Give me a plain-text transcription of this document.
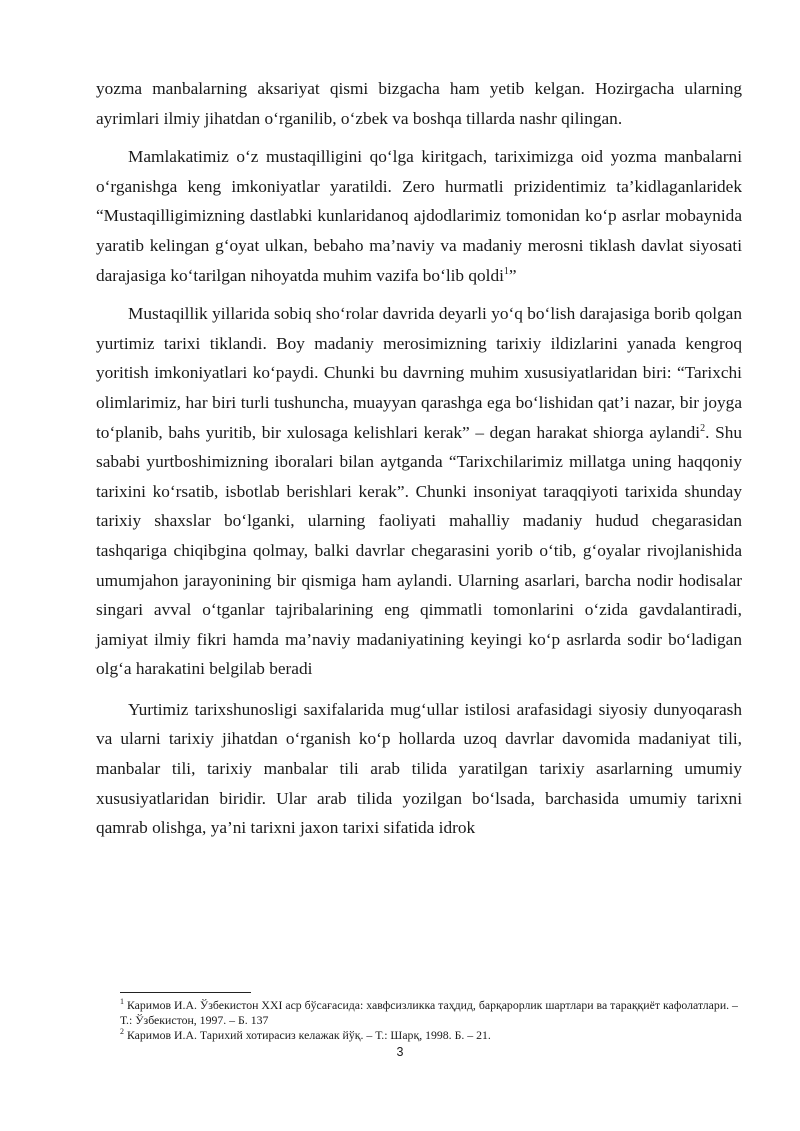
yozma manbalarning aksariyat qismi bizgacha ham yetib kelgan. Hozirgacha ularning ayrimlari ilmiy jihatdan o‘rganilib, o‘zbek va boshqa tillarda nashr qilingan.

Mamlakatimiz o‘z mustaqilligini qo‘lga kiritgach, tariximizga oid yozma manbalarni o‘rganishga keng imkoniyatlar yaratildi. Zero hurmatli prizidentimiz ta’kidlaganlaridek “Mustaqilligimizning dastlabki kunlaridanoq ajdodlarimiz tomonidan ko‘p asrlar mobaynida yaratib kelingan g‘oyat ulkan, bebaho ma’naviy va madaniy merosni tiklash davlat siyosati darajasiga ko‘tarilgan nihoyatda muhim vazifa bo‘lib qoldi$^1$”

Mustaqillik yillarida sobiq sho‘rolar davrida deyarli yo‘q bo‘lish darajasiga borib qolgan yurtimiz tarixi tiklandi. Boy madaniy merosimizning tarixiy ildizlarini yanada kengroq yoritish imkoniyatlari ko‘paydi. Chunki bu davrning muhim xususiyatlaridan biri: “Tarixchi olimlarimiz, har biri turli tushuncha, muayyan qarashga ega bo‘lishidan qat’i nazar, bir joyga to‘planib, bahs yuritib, bir xulosaga kelishlari kerak” – degan harakat shiorga aylandi$^2$. Shu sababi yurtboshimizning iboralari bilan aytganda “Tarixchilarimiz millatga uning haqqoniy tarixini ko‘rsatib, isbotlab berishlari kerak”. Chunki insoniyat taraqqiyoti tarixida shunday tarixiy shaxslar bo‘lganki, ularning faoliyati mahalliy madaniy hudud chegarasidan tashqariga chiqibgina qolmay, balki davrlar chegarasini yorib o‘tib, g‘oyalar rivojlanishida umumjahon jarayonining bir qismiga ham aylandi. Ularning asarlari, barcha nodir hodisalar singari avval o‘tganlar tajribalarining eng qimmatli tomonlarini o‘zida gavdalantiradi, jamiyat ilmiy fikri hamda ma’naviy madaniyatining keyingi ko‘p asrlarda sodir bo‘ladigan olg‘a harakatini belgilab beradi

Yurtimiz tarixshunosligi saxifalarida mug‘ullar istilosi arafasidagi siyosiy dunyoqarash va ularni tarixiy jihatdan o‘rganish ko‘p hollarda uzoq davrlar davomida madaniyat tili, manbalar tili, tarixiy manbalar tili arab tilida yaratilgan tarixiy asarlarning umumiy xususiyatlaridan biridir. Ular arab tilida yozilgan bo‘lsada, barchasida umumiy tarixni qamrab olishga, ya’ni tarixni jaxon tarixi sifatida idrok

$^1$ Каримов И.А. Ўзбекистон XXI аср бўсағасида: хавфсизликка таҳдид, барқарорлик шартлари ва тараққиёт кафолатлари. – Т.: Ўзбекистон, 1997. – Б. 137

$^2$ Каримов И.А. Тарихий хотирасиз келажак йўқ. – Т.: Шарқ, 1998. Б. – 21.

3
